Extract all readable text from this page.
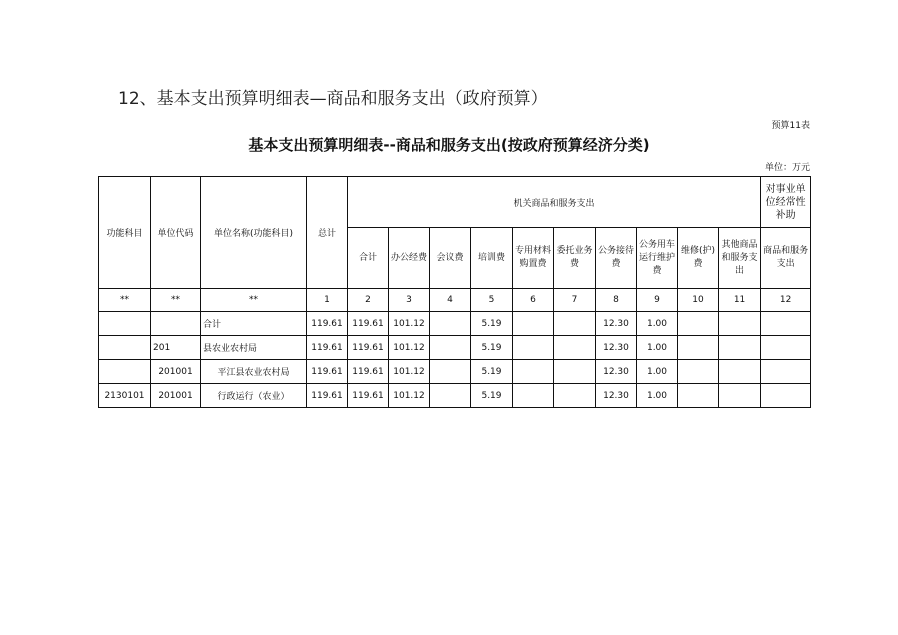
12、基本支出预算明细表—商品和服务支出（政府预算）
预算11表
基本支出预算明细表--商品和服务支出(按政府预算经济分类)
单位：万元
功能科目	单位代码	单位名称(功能科目)	总计	机关商品和服务支出										对事业单位经常性补助
				合计	办公经费	会议费	培训费	专用材料购置费	委托业务费	公务接待费	公务用车运行维护费	维修(护)费	其他商品和服务支出	商品和服务支出
**	**	**	1	2	3	4	5	6	7	8	9	10	11	12
		合计	119.61	119.61	101.12		5.19			12.30	1.00			
	201	县农业农村局	119.61	119.61	101.12		5.19			12.30	1.00			
	201001	平江县农业农村局	119.61	119.61	101.12		5.19			12.30	1.00			
2130101	201001	行政运行（农业）	119.61	119.61	101.12		5.19			12.30	1.00			
